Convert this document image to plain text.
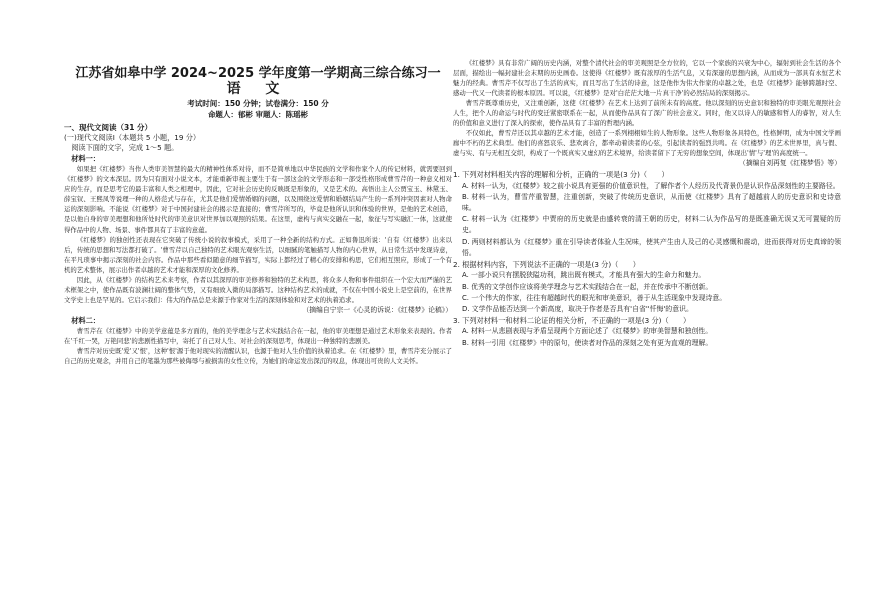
江苏省如皋中学 2024~2025 学年度第一学期高三综合练习一
语 文
考试时间：150 分钟；试卷满分：150 分
命题人：郁彬 审题人：陈瑶彬
一、现代文阅读（31 分）
(一)现代文阅读Ⅰ（本题共 5 小题，19 分）
阅读下面的文字，完成 1～5 题。
材料一：

如果把《红楼梦》当作人类审美智慧的最大的精神性体系对待，而不是简单地以中华民族的文学和作家个人的传记材料，就需要回到《红楼梦》的文本深层。因为只有面对小说文本，才能重新审视主要生于有一部这金的文学形态和一部受性格形成曹雪芹的一种意义相对应的生存，而是思考它的最丰富和人类之相理中，因此，它对社会历史的反映既是形象的，又是艺术的。高悟出主人公贾宝玉、林黛玉、薛宝钗、王熙凤等说理一种的人格范式与存在，尤其是他们爱情婚姻的问题，以及围绕这爱情和婚姻结局产生的一系列冲突因素对人物命运的深刻影响。不能说《红楼梦》对于中国封建社会的揭示是直接的；曹雪芹所写的，毕竟是他所认识和体验的世界，是他的艺术创造，是以他自身的审美理想和他所处时代的审美意识对世界加以观照的结果。在这里，虚构与真实交融在一起，象征与写实融汇一体，这就使得作品中的人物、场景、事件都具有了丰富的意蕴。

《红楼梦》的独创性还表现在它突破了传统小说的叙事模式，采用了一种全新的结构方式。正如鲁迅所说：'自有《红楼梦》出来以后，传统的思想和写法都打破了。'曹雪芹以自己独特的艺术眼光观察生活，以细腻的笔触描写人物的内心世界，从日常生活中发现诗意，在平凡琐事中揭示深刻的社会内容。作品中那些看似随意的细节描写，实际上都经过了精心的安排和构思，它们相互照应，形成了一个有机的艺术整体，展示出作者卓越的艺术才能和深厚的文化修养。

因此，从《红楼梦》的结构艺术来考察，作者以其深厚的审美修养和独特的艺术构思，将众多人物和事件组织在一个宏大而严谨的艺术框架之中，使作品既有波澜壮阔的整体气势，又有细致入微的局部描写。这种结构艺术的成就，不仅在中国小说史上是空前的，在世界文学史上也是罕见的。它启示我们：伟大的作品总是来源于作家对生活的深刻体验和对艺术的执着追求。

（摘编自宁宗一《心灵的诉说：《红楼梦》论稿》）
材料二：

曹雪芹在《红楼梦》中的美学意蕴是多方面的，他的美学理念与艺术实践结合在一起，他的审美理想是通过艺术形象来表现的。作者在'千红一哭，万艳同悲'的悲剧性描写中，寄托了自己对人生、对社会的深刻思考，体现出一种独特的悲剧美。

曹雪芹对历史既'爱'又'恨'，这种'恨'源于他对现实的清醒认识，也源于他对人生价值的执着追求。在《红楼梦》里，曹雪芹充分展示了自己的历史观念，并用自己的笔墨为那些被侮辱与被损害的女性立传，为她们的命运发出深沉的叹息，体现出可贵的人文关怀。

《红楼梦》具有非常广阔的历史内涵，对整个清代社会的审美观照是全方位的，它以一个家族的兴衰为中心，辐射到社会生活的各个层面，描绘出一幅封建社会末期的历史画卷。这使得《红楼梦》既有浓厚的生活气息，又有深邃的思想内涵，从而成为一部具有永恒艺术魅力的经典。曹雪芹不仅写出了生活的真实，而且写出了生活的诗意，这是他作为伟大作家的卓越之处，也是《红楼梦》能够跨越时空、感动一代又一代读者的根本原因。可以说，《红楼梦》是对'白茫茫大地一片真干净'的必然结局的深刻揭示。

曹雪芹既尊重历史，又注重创新，这使《红楼梦》在艺术上达到了前所未有的高度。他以深刻的历史意识和独特的审美眼光观照社会人生，把个人的命运与时代的变迁紧密联系在一起，从而使作品具有了深广的社会意义。同时，他又以诗人的敏感和哲人的睿智，对人生的价值和意义进行了深入的探索，使作品具有了丰富的哲理内涵。

不仅如此，曹雪芹还以其卓越的艺术才能，创造了一系列栩栩如生的人物形象。这些人物形象各具特色，性格鲜明，成为中国文学画廊中不朽的艺术典型。他们的喜怒哀乐、悲欢离合，都牵动着读者的心弦，引起读者的强烈共鸣。在《红楼梦》的艺术世界里，真与假、虚与实、有与无相互交织，构成了一个既真实又虚幻的艺术境界，给读者留下了无穷的想象空间，体现出'情'与'理'的高度统一。

（摘编自刘再复《红楼梦悟》等）
1. 下列对材料相关内容的理解和分析，正确的一项是(3 分)（　　）
A. 材料一认为，《红楼梦》较之前小说具有更强的价值意识性，了解作者个人经历及代背景仍是认识作品深刻性的主要路径。
B. 材料一认为，曹雪芹重智慧，注重创新，突破了传统历史意识，从而使《红楼梦》具有了超越前人的历史意识和史诗意味。
C. 材料一认为《红楼梦》中贾府的历史就是由盛转衰的清王朝的历史，材料二认为作品写的是既准确无误又无可置疑的历史。
D. 两则材料都认为《红楼梦》重在引导读者体验人生况味，使其产生由人及己的心灵感慨和震动，进而获得对历史真谛的领悟。
2. 根据材料内容，下列说法不正确的一项是(3 分)（　　）
A. 一部小说只有摆脱狭隘功利，跳出既有模式，才能具有强大的生命力和魅力。
B. 优秀的文学创作应该将美学理念与艺术实践结合在一起，并在传承中不断创新。
C. 一个伟大的作家，往往有超越时代的眼光和审美意识，善于从生活现象中发现诗意。
D. 文学作品能否达到一个新高度，取决于作者是否具有'自省''忏悔'的意识。
3. 下列对材料一和材料二论证的相关分析，不正确的一项是(3 分)（　　）
A. 材料一从悲剧表现与矛盾呈现两个方面论述了《红楼梦》的审美智慧和独创性。
B. 材料一引用《红楼梦》中的原句，使读者对作品的深刻之处有更为直观的理解。
